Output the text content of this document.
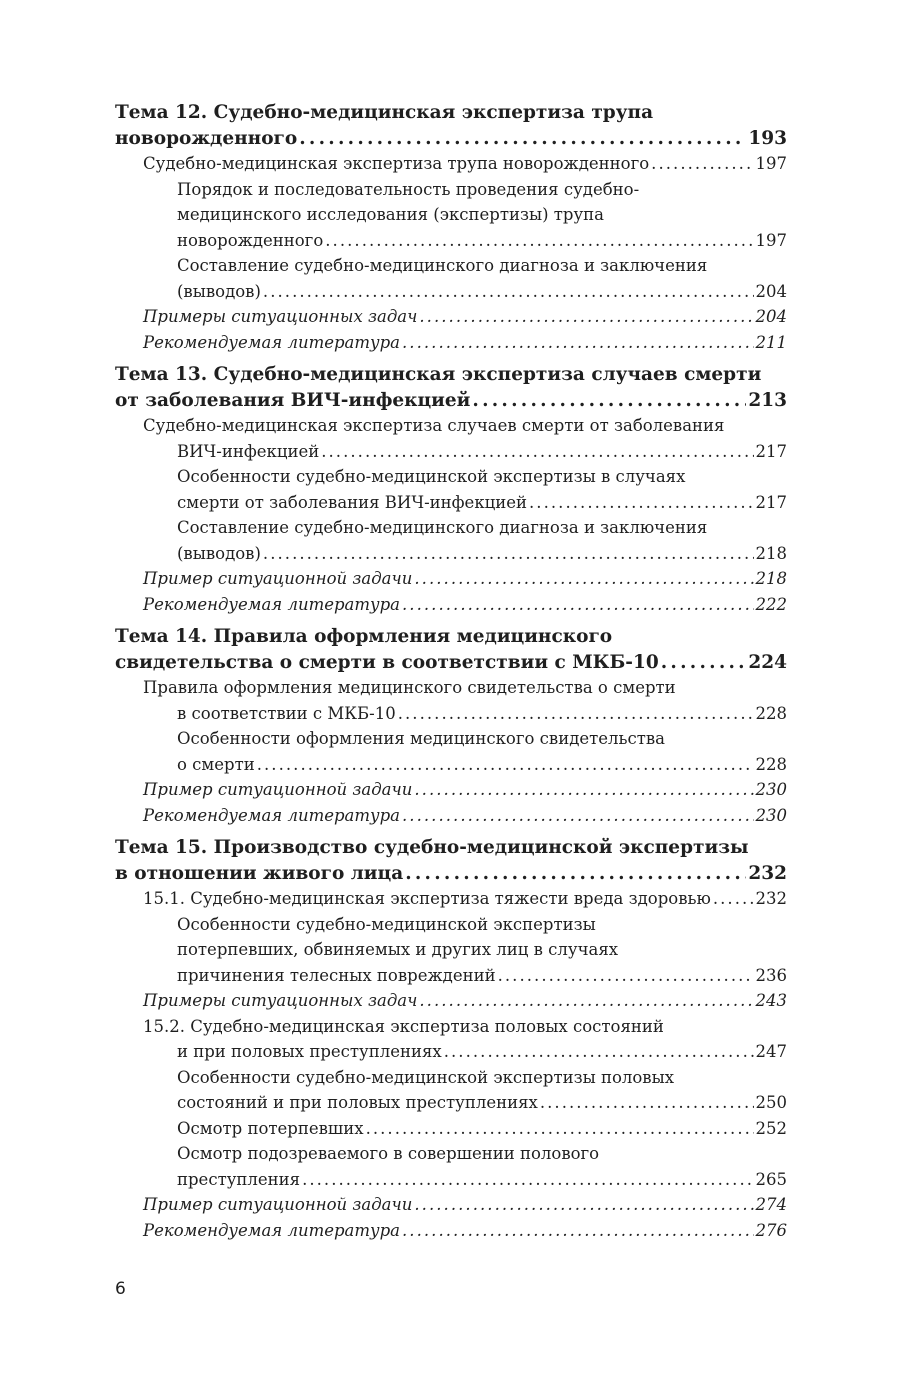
Тема 12. Судебно-медицинская экспертиза трупа
новорожденного . . .	193
Судебно-медицинская экспертиза трупа новорожденного . . .	197
Порядок и последовательность проведения судебно-
медицинского исследования (экспертизы) трупа
новорожденного . . .	197
Составление судебно-медицинского диагноза и заключения
(выводов) . . .	204
Примеры ситуационных задач . . .	204
Рекомендуемая литература . . .	211
Тема 13. Судебно-медицинская экспертиза случаев смерти
от заболевания ВИЧ-инфекцией . . .	213
Судебно-медицинская экспертиза случаев смерти от заболевания
ВИЧ-инфекцией . . .	217
Особенности судебно-медицинской экспертизы в случаях
смерти от заболевания ВИЧ-инфекцией . . .	217
Составление судебно-медицинского диагноза и заключения
(выводов) . . .	218
Пример ситуационной задачи . . .	218
Рекомендуемая литература . . .	222
Тема 14. Правила оформления медицинского
свидетельства о смерти в соответствии с МКБ-10 . . .	224
Правила оформления медицинского свидетельства о смерти
в соответствии с МКБ-10 . . .	228
Особенности оформления медицинского свидетельства
о смерти . . .	228
Пример ситуационной задачи . . .	230
Рекомендуемая литература . . .	230
Тема 15. Производство судебно-медицинской экспертизы
в отношении живого лица . . .	232
15.1. Судебно-медицинская экспертиза тяжести вреда здоровью . . .	232
Особенности судебно-медицинской экспертизы
потерпевших, обвиняемых и других лиц в случаях
причинения телесных повреждений . . .	236
Примеры ситуационных задач . . .	243
15.2. Судебно-медицинская экспертиза половых состояний
и при половых преступлениях . . .	247
Особенности судебно-медицинской экспертизы половых
состояний и при половых преступлениях . . .	250
Осмотр потерпевших . . .	252
Осмотр подозреваемого в совершении полового
преступления . . .	265
Пример ситуационной задачи . . .	274
Рекомендуемая литература . . .	276
6
